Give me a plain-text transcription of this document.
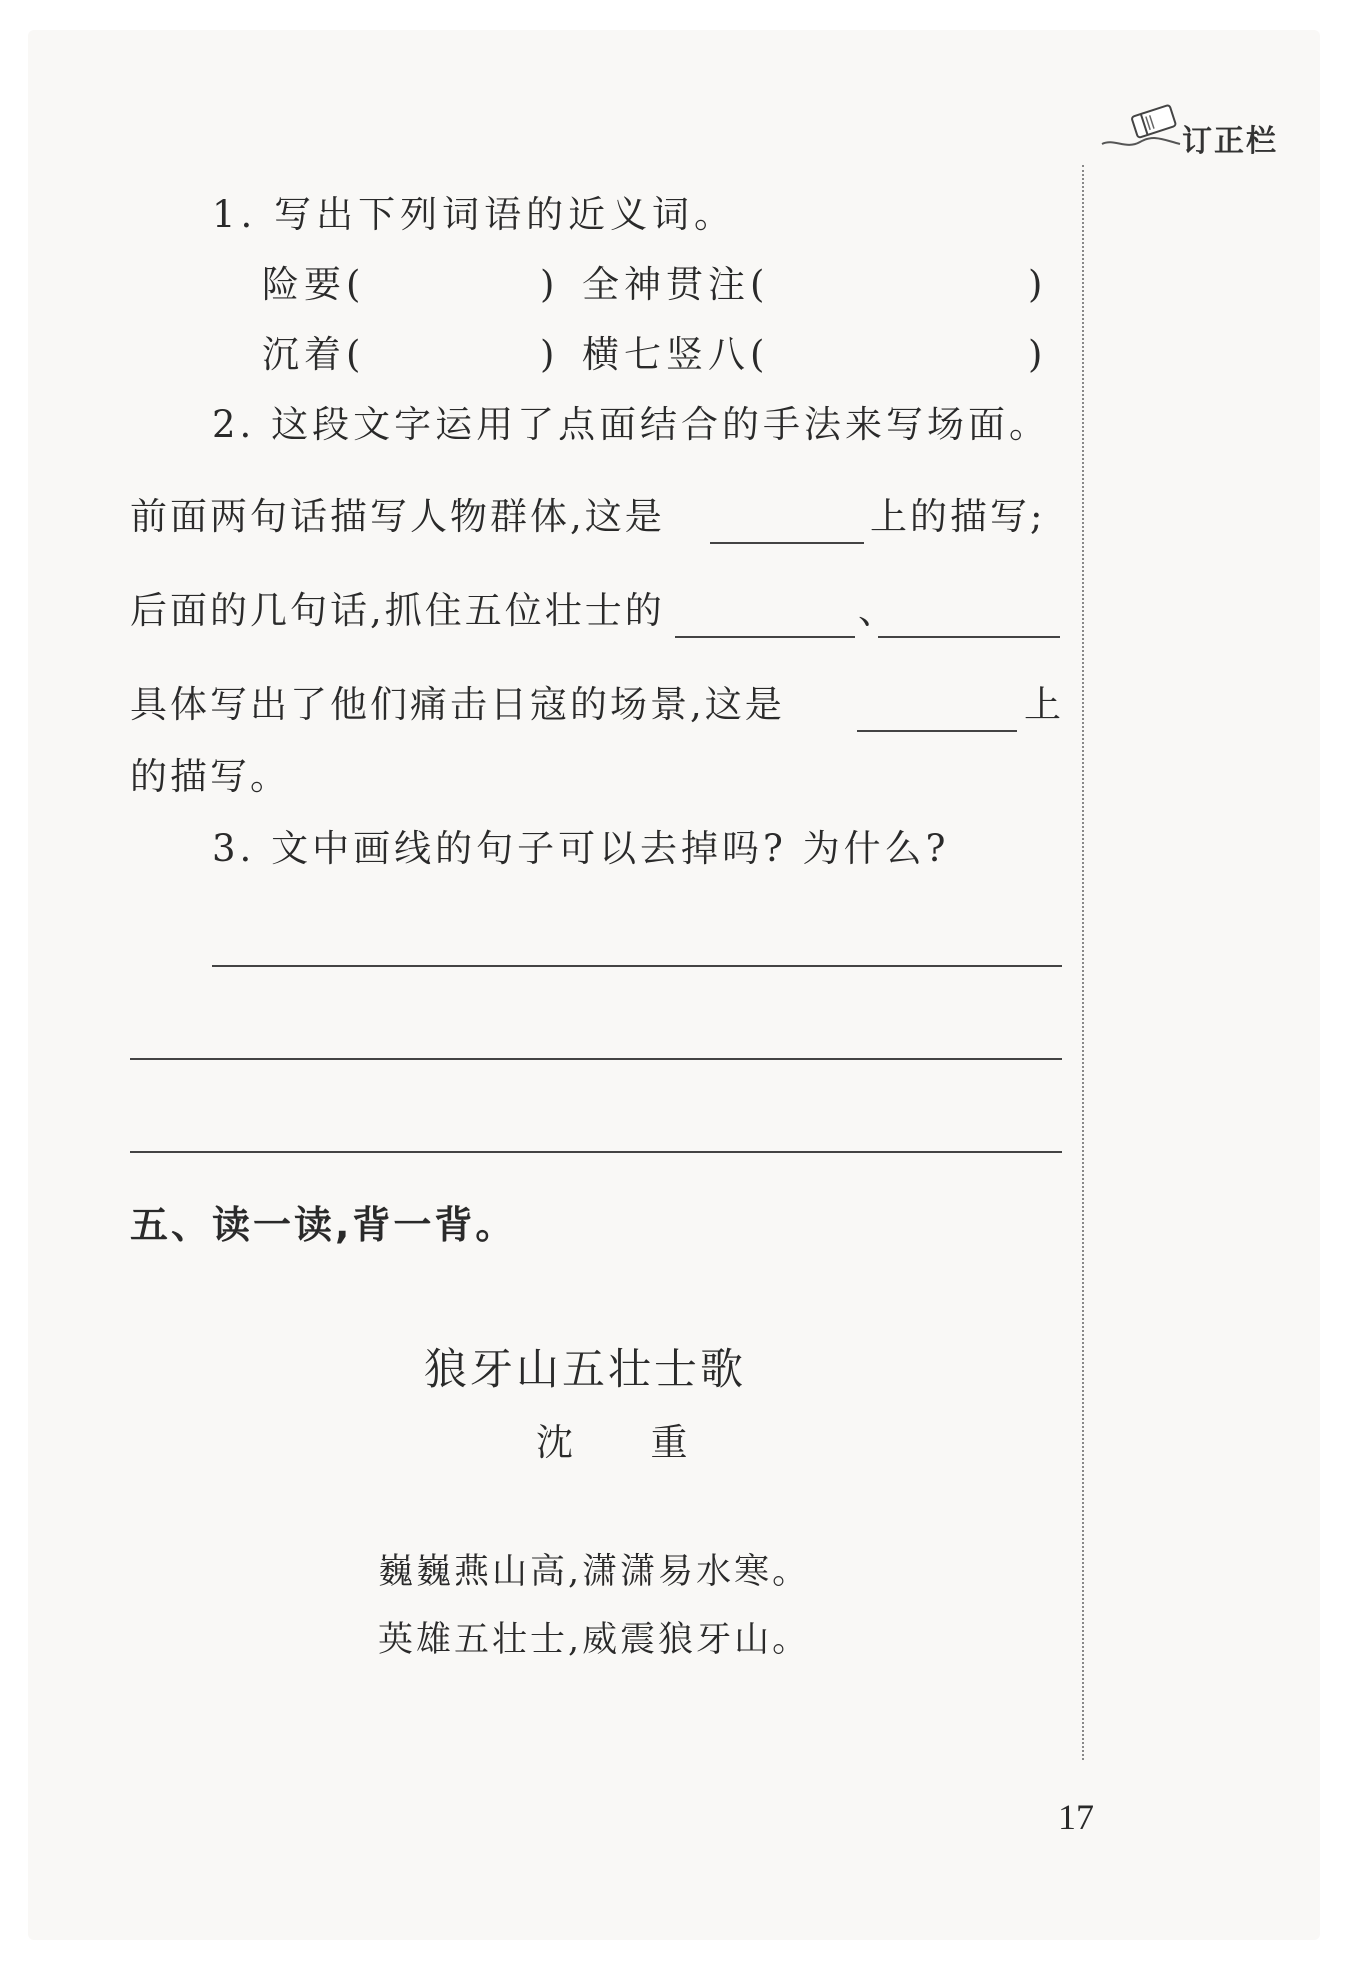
订正栏
1. 写出下列词语的近义词。
险要(	) 全神贯注(	)
沉着(	) 横七竖八(	)
2. 这段文字运用了点面结合的手法来写场面。
前面两句话描写人物群体,这是	上的描写;
后面的几句话,抓住五位壮士的	、
具体写出了他们痛击日寇的场景,这是	上
的描写。
3. 文中画线的句子可以去掉吗? 为什么?
五、读一读,背一背。
狼牙山五壮士歌
沈  重
巍巍燕山高,潇潇易水寒。
英雄五壮士,威震狼牙山。
17
